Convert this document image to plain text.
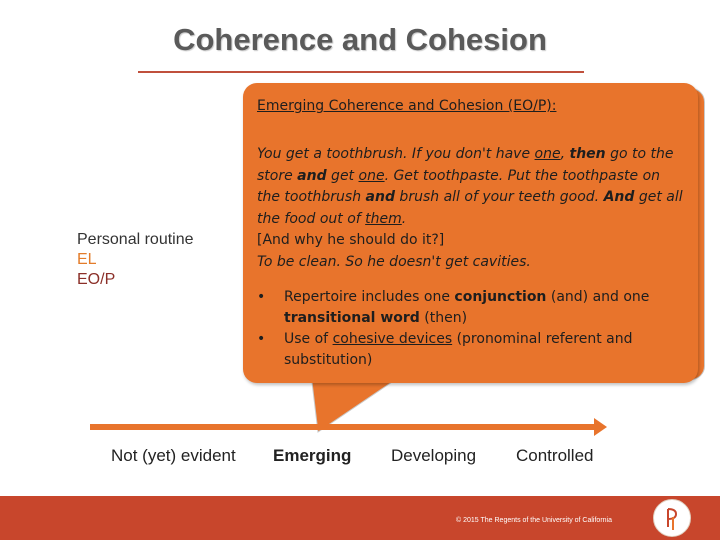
Coherence and Cohesion
Personal routine
EL
EO/P

Emerging Coherence and Cohesion (EO/P):

You get a toothbrush. If you don't have one, then go to the store and get one. Get toothpaste. Put the toothpaste on the toothbrush and brush all of your teeth good. And get all the food out of them.

[And why he should do it?]

To be clean. So he doesn't get cavities.

• Repertoire includes one conjunction (and) and one transitional word (then)
• Use of cohesive devices (pronominal referent and substitution)
Not (yet) evident Emerging Developing Controlled
© 2015 The Regents of the University of California
